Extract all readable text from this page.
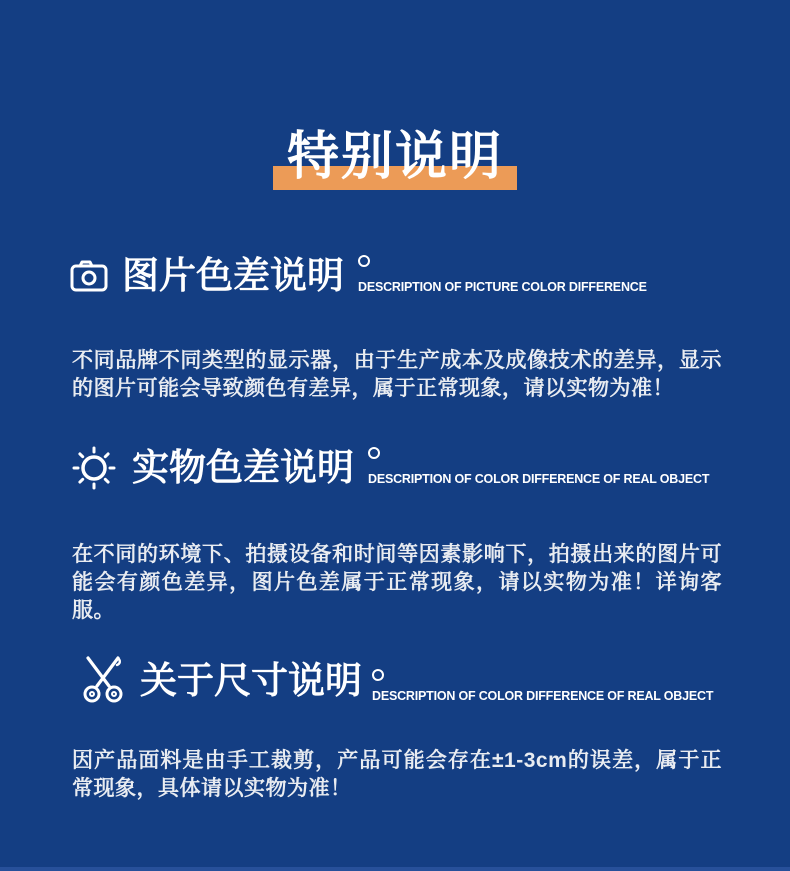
特别说明
图片色差说明 DESCRIPTION OF PICTURE COLOR DIFFERENCE

不同品牌不同类型的显示器，由于生产成本及成像技术的差异，显示的图片可能会导致颜色有差异，属于正常现象，请以实物为准！

实物色差说明 DESCRIPTION OF COLOR DIFFERENCE OF REAL OBJECT

在不同的环境下、拍摄设备和时间等因素影响下，拍摄出来的图片可能会有颜色差异，图片色差属于正常现象，请以实物为准！详询客服。

关于尺寸说明 DESCRIPTION OF COLOR DIFFERENCE OF REAL OBJECT

因产品面料是由手工裁剪，产品可能会存在±1-3cm的误差，属于正常现象，具体请以实物为准！
